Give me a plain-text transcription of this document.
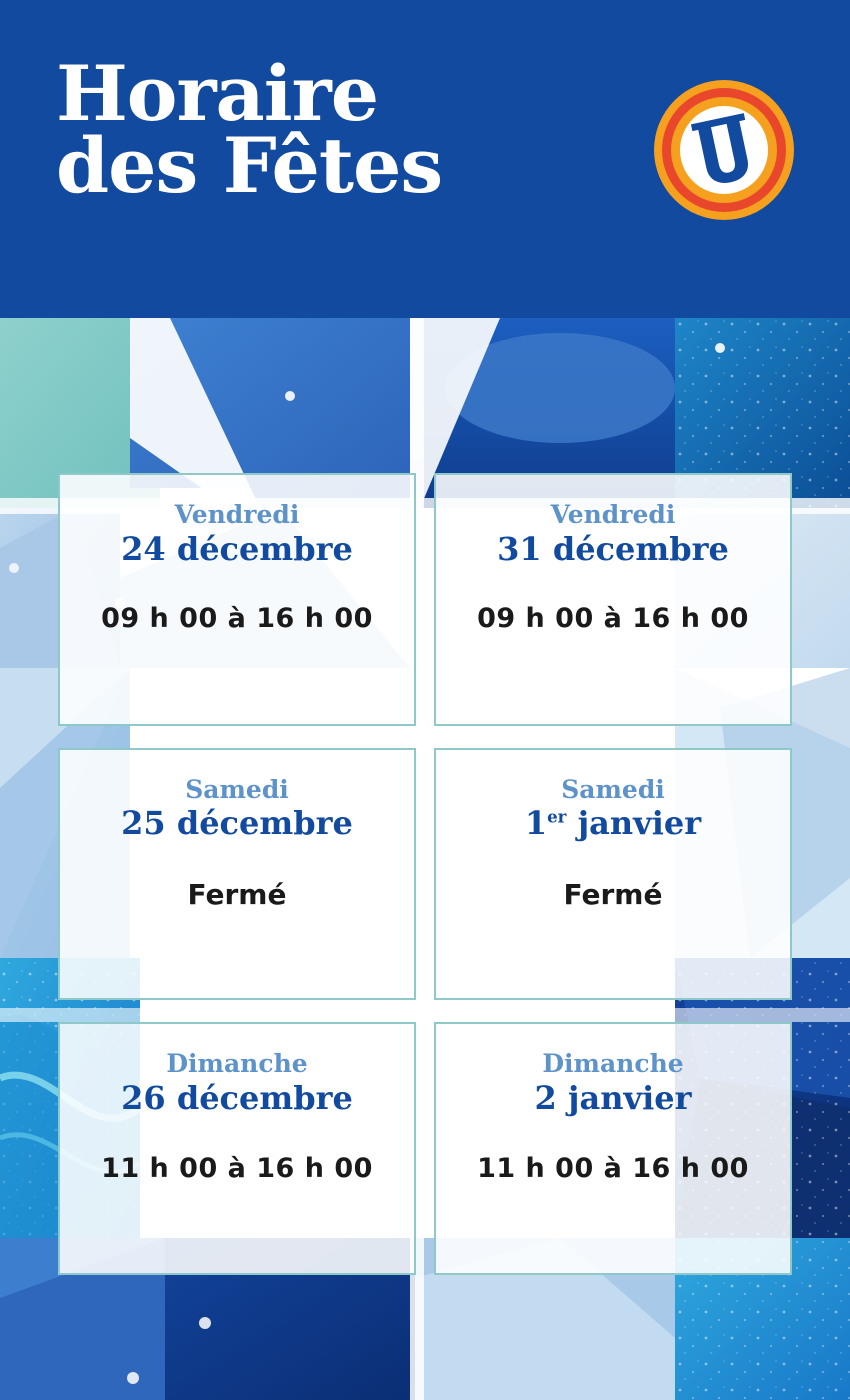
Horaire
des Fêtes
Vendredi
24 décembre
09 h 00 à 16 h 00
Vendredi
31 décembre
09 h 00 à 16 h 00
Samedi
25 décembre
Fermé
Samedi
1er janvier
Fermé
Dimanche
26 décembre
11 h 00 à 16 h 00
Dimanche
2 janvier
11 h 00 à 16 h 00
